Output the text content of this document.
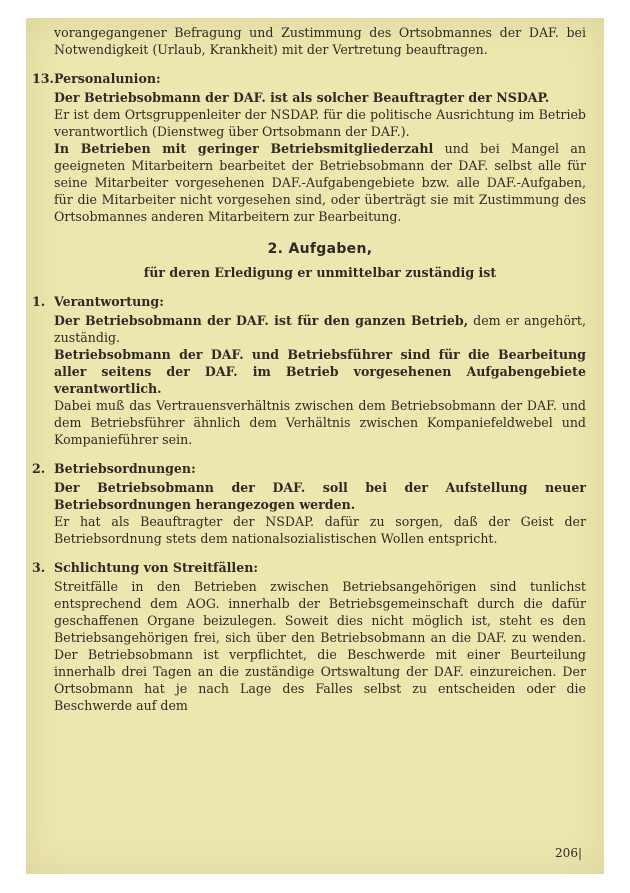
vorangegangener Befragung und Zustimmung des Ortsobmannes der DAF. bei Notwendigkeit (Urlaub, Krankheit) mit der Vertretung beauftragen.

13. Personalunion:

Der Betriebsobmann der DAF. ist als solcher Beauftragter der NSDAP.

Er ist dem Ortsgruppenleiter der NSDAP. für die politische Ausrichtung im Betrieb verantwortlich (Dienstweg über Ortsobmann der DAF.).

In Betrieben mit geringer Betriebsmitgliederzahl und bei Mangel an geeigneten Mitarbeitern bearbeitet der Betriebsobmann der DAF. selbst alle für seine Mitarbeiter vorgesehenen DAF.-Aufgabengebiete bzw. alle DAF.-Aufgaben, für die Mitarbeiter nicht vorgesehen sind, oder überträgt sie mit Zustimmung des Ortsobmannes anderen Mitarbeitern zur Bearbeitung.

2. Aufgaben,
für deren Erledigung er unmittelbar zuständig ist
1. Verantwortung:

Der Betriebsobmann der DAF. ist für den ganzen Betrieb, dem er angehört, zuständig.

Betriebsobmann der DAF. und Betriebsführer sind für die Bearbeitung aller seitens der DAF. im Betrieb vorgesehenen Aufgabengebiete verantwortlich.

Dabei muß das Vertrauensverhältnis zwischen dem Betriebsobmann der DAF. und dem Betriebsführer ähnlich dem Verhältnis zwischen Kompaniefeldwebel und Kompanieführer sein.

2. Betriebsordnungen:

Der Betriebsobmann der DAF. soll bei der Aufstellung neuer Betriebsordnungen herangezogen werden.

Er hat als Beauftragter der NSDAP. dafür zu sorgen, daß der Geist der Betriebsordnung stets dem nationalsozialistischen Wollen entspricht.

3. Schlichtung von Streitfällen:

Streitfälle in den Betrieben zwischen Betriebsangehörigen sind tunlichst entsprechend dem AOG. innerhalb der Betriebsgemeinschaft durch die dafür geschaffenen Organe beizulegen. Soweit dies nicht möglich ist, steht es den Betriebsangehörigen frei, sich über den Betriebsobmann an die DAF. zu wenden. Der Betriebsobmann ist verpflichtet, die Beschwerde mit einer Beurteilung innerhalb drei Tagen an die zuständige Ortswaltung der DAF. einzureichen. Der Ortsobmann hat je nach Lage des Falles selbst zu entscheiden oder die Beschwerde auf dem

206|
